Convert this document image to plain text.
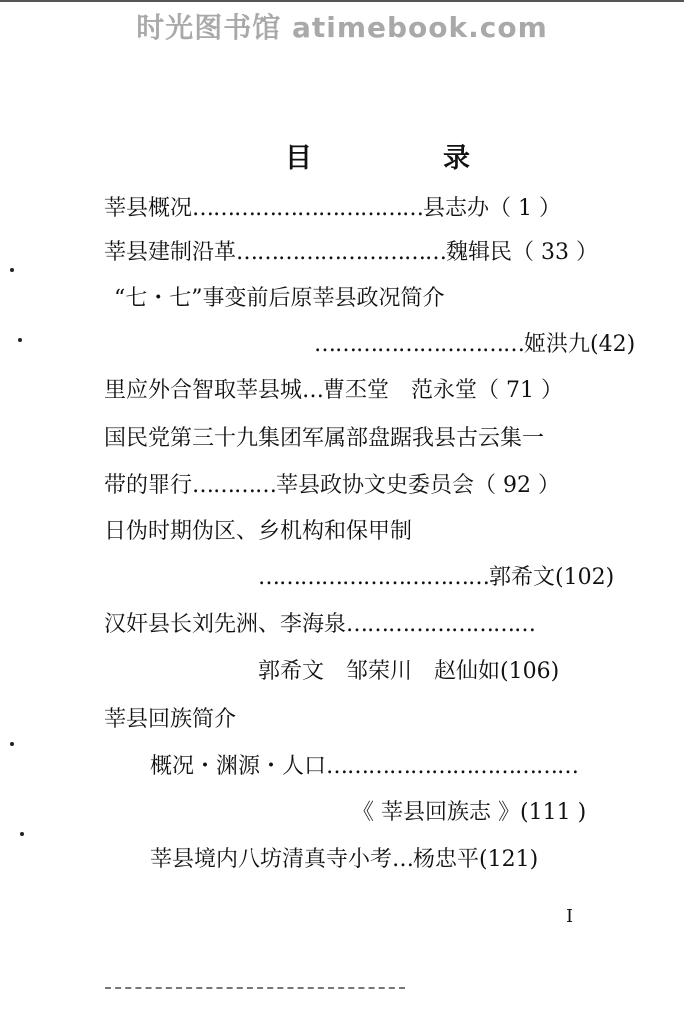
时光图书馆 atimebook.com
目	录
莘县概况……………………………县志办（ 1 ）
莘县建制沿革…………………………魏辑民（ 33 ）
“七・七”事变前后原莘县政况简介
…………………………姬洪九(42)
里应外合智取莘县城…曹丕堂　范永堂（ 71 ）
国民党第三十九集团军属部盘踞我县古云集一
带的罪行…………莘县政协文史委员会（ 92 ）
日伪时期伪区、乡机构和保甲制
……………………………郭希文(102)
汉奸县长刘先洲、李海泉………………………
郭希文　邹荣川　赵仙如(106)
莘县回族简介
概况・渊源・人口………………………………
《 莘县回族志 》(111 )
莘县境内八坊清真寺小考…杨忠平(121)
I
